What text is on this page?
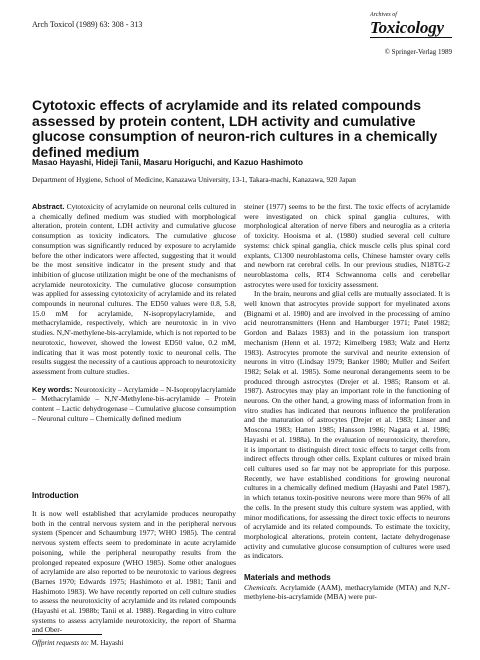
Arch Toxicol (1989) 63: 308 - 313
Archives of
Toxicology
© Springer-Verlag 1989
Cytotoxic effects of acrylamide and its related compounds assessed by protein content, LDH activity and cumulative glucose consumption of neuron-rich cultures in a chemically defined medium
Masao Hayashi, Hideji Tanii, Masaru Horiguchi, and Kazuo Hashimoto
Department of Hygiene, School of Medicine, Kanazawa University, 13-1, Takara-machi, Kanazawa, 920 Japan

Abstract. Cytotoxicity of acrylamide on neuronal cells cultured in a chemically defined medium was studied with morphological alteration, protein content, LDH activity and cumulative glucose consumption as toxicity indicators. The cumulative glucose consumption was significantly reduced by exposure to acrylamide before the other indicators were affected, suggesting that it would be the most sensitive indicator in the present study and that inhibition of glucose utilization might be one of the mechanisms of acrylamide neurotoxicity. The cumulative glucose consumption was applied for assessing cytotoxicity of acrylamide and its related compounds in neuronal cultures. The ED50 values were 0.8, 5.8, 15.0 mM for acrylamide, N-isopropylacrylamide, and methacrylamide, respectively, which are neurotoxic in in vivo studies. N,N'-methylene-bis-acrylamide, which is not reported to be neurotoxic, however, showed the lowest ED50 value, 0.2 mM, indicating that it was most potently toxic to neuronal cells. The results suggest the necessity of a cautious approach to neurotoxicity assessment from culture studies.

Key words: Neurotoxicity – Acrylamide – N-Isopropylacrylamide – Methacrylamide – N,N'-Methylene-bis-acrylamide – Protein content – Lactic dehydrogenase – Cumulative glucose consumption – Neuronal culture – Chemically defined medium

Introduction

It is now well established that acrylamide produces neuropathy both in the central nervous system and in the peripheral nervous system (Spencer and Schaumburg 1977; WHO 1985). The central nervous system effects seem to predominate in acute acrylamide poisoning, while the peripheral neuropathy results from the prolonged repeated exposure (WHO 1985). Some other analogues of acrylamide are also reported to be neurotoxic to various degrees (Barnes 1970; Edwards 1975; Hashimoto et al. 1981; Tanii and Hashimoto 1983). We have recently reported on cell culture studies to assess the neurotoxicity of acrylamide and its related compounds (Hayashi et al. 1988b; Tanii et al. 1988). Regarding in vitro culture systems to assess acrylamide neurotoxicity, the report of Sharma and Ober-

Offprint requests to: M. Hayashi

steiner (1977) seems to be the first. The toxic effects of acrylamide were investigated on chick spinal ganglia cultures, with morphological alteration of nerve fibers and neuroglia as a criteria of toxicity. Hooisma et al. (1980) studied several cell culture systems: chick spinal ganglia, chick muscle cells plus spinal cord explants, C1300 neuroblastoma cells, Chinese hamster ovary cells and newborn rat cerebral cells. In our previous studies, N18TG-2 neuroblastoma cells, RT4 Schwannoma cells and cerebellar astrocytes were used for toxicity assessment.

In the brain, neurons and glial cells are mutually associated. It is well known that astrocytes provide support for myelinated axons (Bignami et al. 1980) and are involved in the processing of amino acid neurotransmitters (Henn and Hamburger 1971; Patel 1982; Gordon and Balazs 1983) and in the potassium ion transport mechanism (Henn et al. 1972; Kimelberg 1983; Walz and Hertz 1983). Astrocytes promote the survival and neurite extension of neurons in vitro (Lindsay 1979; Banker 1980; Muller and Seifert 1982; Selak et al. 1985). Some neuronal derangements seem to be produced through astrocytes (Drejer et al. 1985; Ransom et al. 1987). Astrocytes may play an important role in the functioning of neurons. On the other hand, a growing mass of information from in vitro studies has indicated that neurons influence the proliferation and the maturation of astrocytes (Drejer et al. 1983; Linser and Moscona 1983; Hatten 1985; Hansson 1986; Nagata et al. 1986; Hayashi et al. 1988a). In the evaluation of neurotoxicity, therefore, it is important to distinguish direct toxic effects to target cells from indirect effects through other cells. Explant cultures or mixed brain cell cultures used so far may not be appropriate for this purpose. Recently, we have established conditions for growing neuronal cultures in a chemically defined medium (Hayashi and Patel 1987), in which tetanus toxin-positive neurons were more than 96% of all the cells. In the present study this culture system was applied, with minor modifications, for assessing the direct toxic effects to neurons of acrylamide and its related compounds. To estimate the toxicity, morphological alterations, protein content, lactate dehydrogenase activity and cumulative glucose consumption of cultures were used as indicators.

Materials and methods

Chemicals. Acrylamide (AAM), methacrylamide (MTA) and N,N'-methylene-bis-acrylamide (MBA) were pur-
